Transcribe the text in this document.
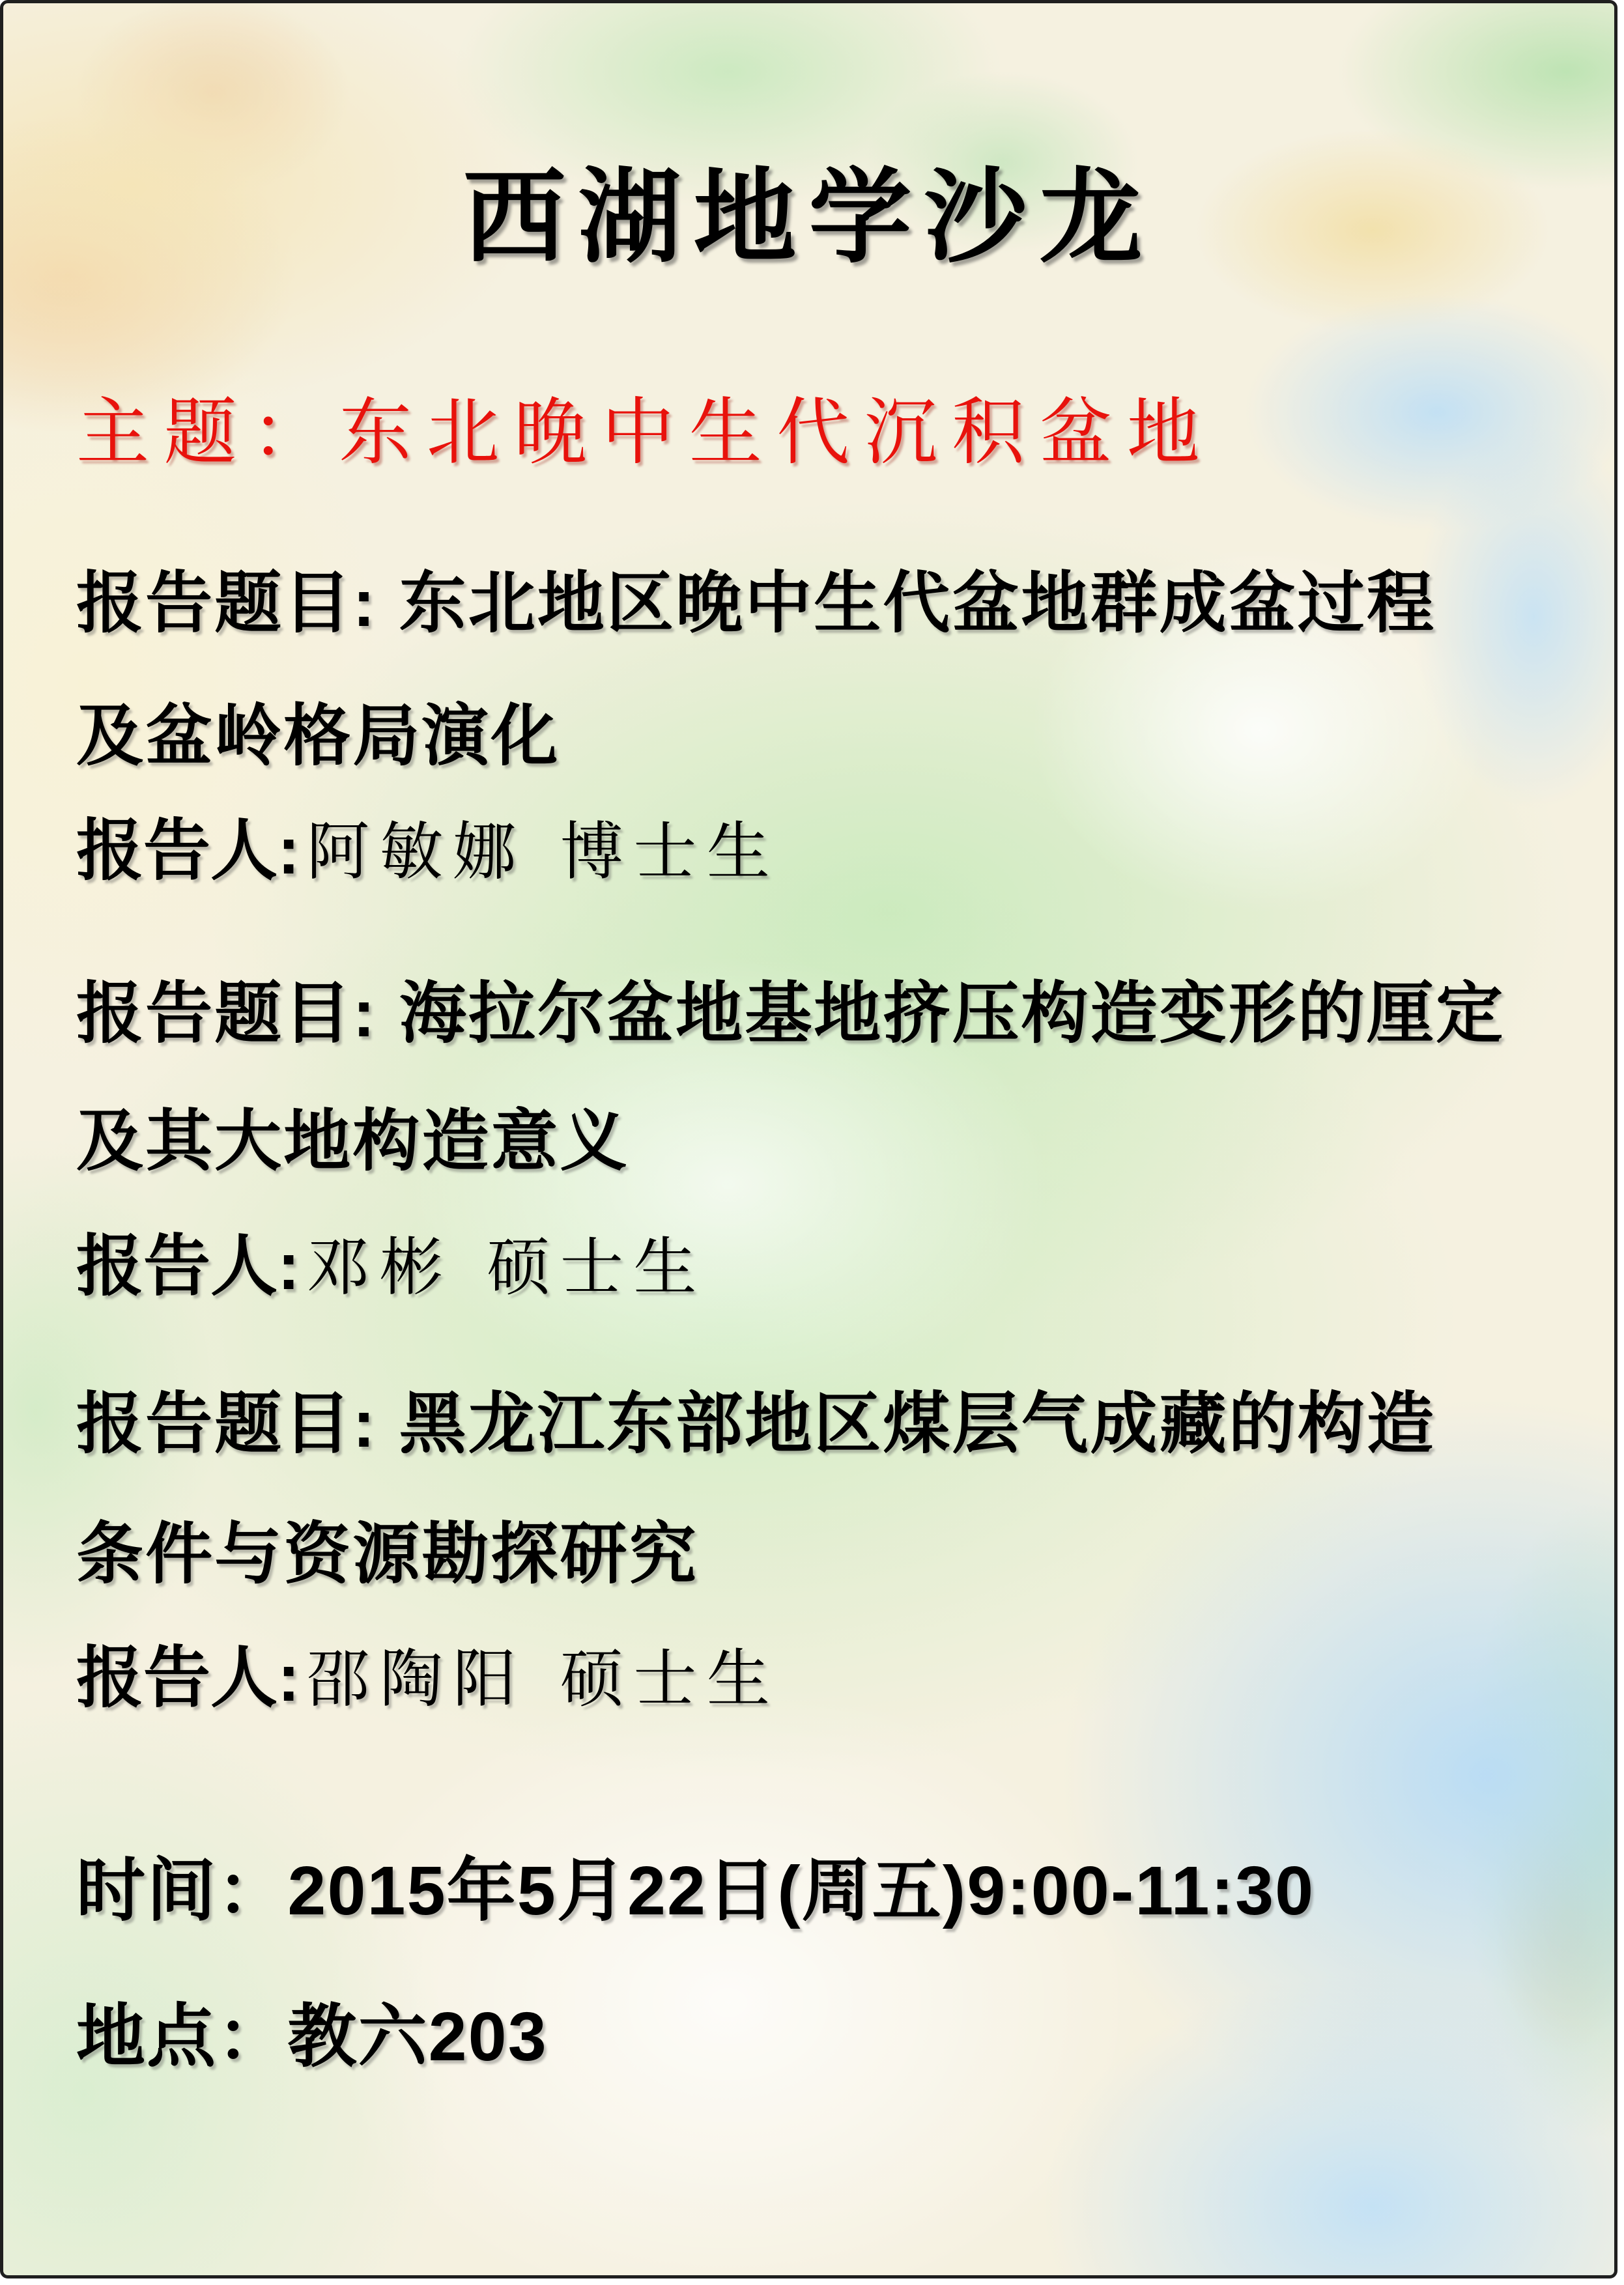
西湖地学沙龙
主题：东北晚中生代沉积盆地
报告题目: 东北地区晚中生代盆地群成盆过程
及盆岭格局演化
报告人: 阿敏娜 博士生
报告题目: 海拉尔盆地基地挤压构造变形的厘定
及其大地构造意义
报告人: 邓彬 硕士生
报告题目: 黑龙江东部地区煤层气成藏的构造
条件与资源勘探研究
报告人: 邵陶阳 硕士生
时间：2015年5月22日(周五)9:00-11:30
地点：教六203
